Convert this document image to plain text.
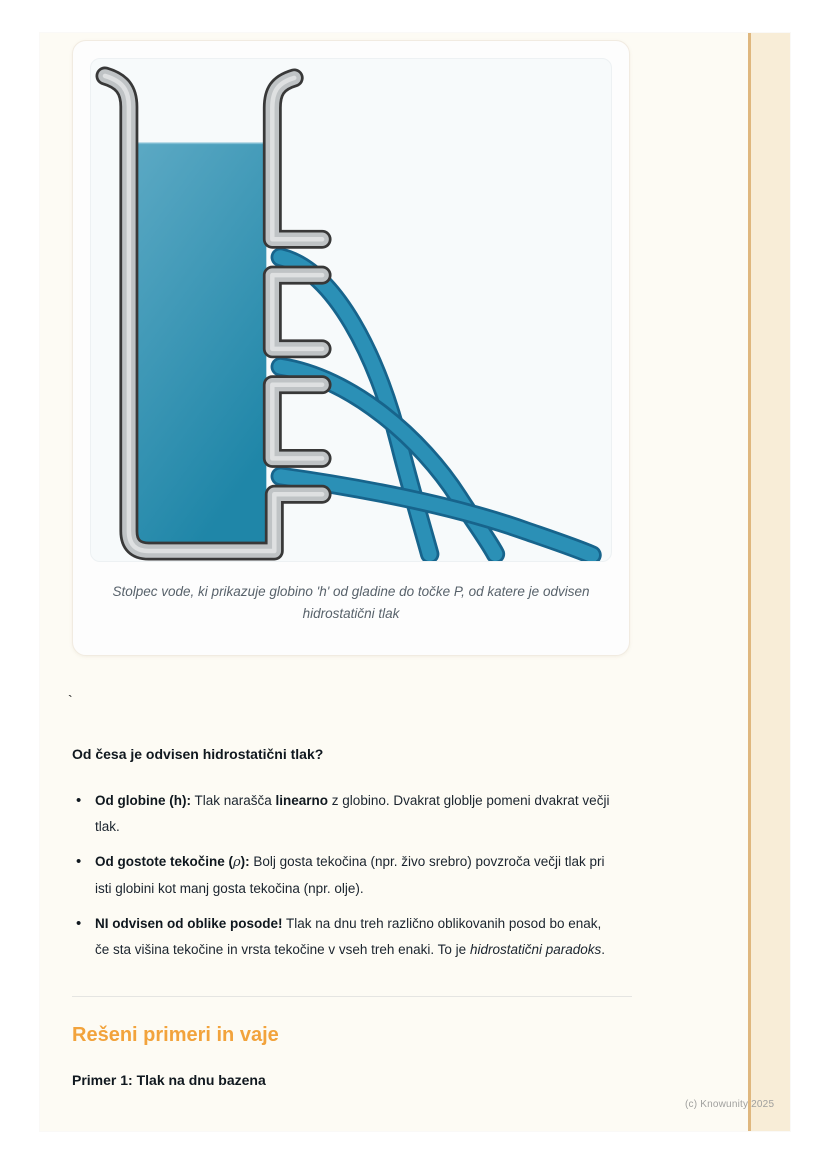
Stolpec vode, ki prikazuje globino 'h' od gladine do točke P, od katere je odvisen hidrostatični tlak
`
Od česa je odvisen hidrostatični tlak?
• Od globine (h): Tlak narašča linearno z globino. Dvakrat globlje pomeni dvakrat večji tlak.
• Od gostote tekočine (ρ): Bolj gosta tekočina (npr. živo srebro) povzroča večji tlak pri isti globini kot manj gosta tekočina (npr. olje).
• NI odvisen od oblike posode! Tlak na dnu treh različno oblikovanih posod bo enak, če sta višina tekočine in vrsta tekočine v vseh treh enaki. To je hidrostatični paradoks.
Rešeni primeri in vaje
Primer 1: Tlak na dnu bazena
(c) Knowunity 2025
